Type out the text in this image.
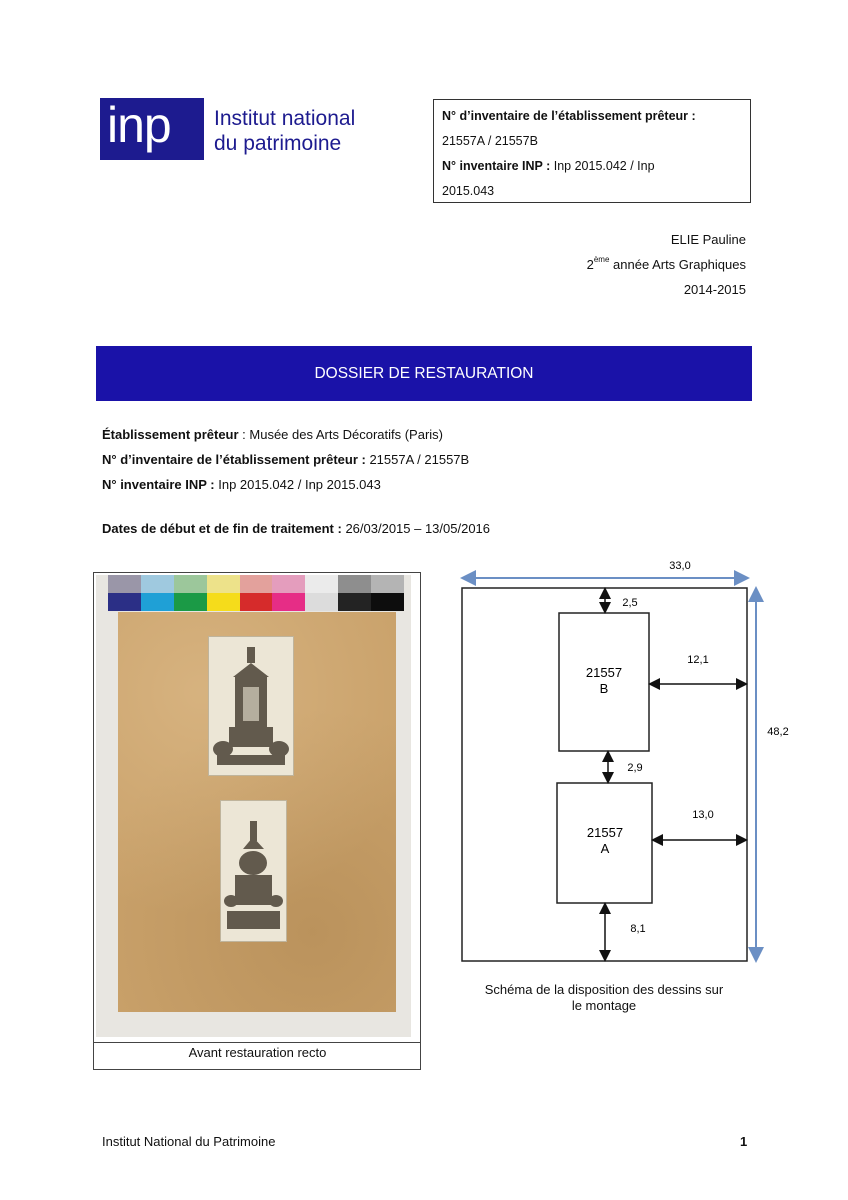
inp Institut national
du patrimoine
N° d’inventaire de l’établissement prêteur :
21557A / 21557B
N° inventaire INP : Inp 2015.042 / Inp
2015.043
ELIE Pauline
2ème année Arts Graphiques
2014-2015
DOSSIER DE RESTAURATION
Établissement prêteur : Musée des Arts Décoratifs (Paris)
N° d’inventaire de l’établissement prêteur : 21557A / 21557B
N° inventaire INP : Inp 2015.042 / Inp 2015.043
Dates de début et de fin de traitement : 26/03/2015 – 13/05/2016
Avant restauration recto
33,0
48,2
21557
B
21557
A
2,5
2,9
8,1
12,1
13,0
Schéma de la disposition des dessins sur
le montage
Institut National du Patrimoine	1
